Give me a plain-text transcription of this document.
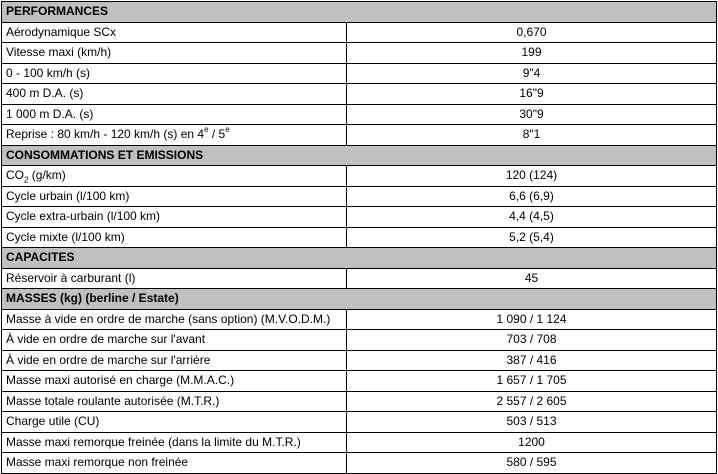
PERFORMANCES	
Aérodynamique SCx	0,670
Vitesse maxi (km/h)	199
0 - 100 km/h (s)	9"4
400 m D.A. (s)	16"9
1 000 m D.A. (s)	30"9
Reprise : 80 km/h - 120 km/h (s) en 4e / 5e	8"1
CONSOMMATIONS ET EMISSIONS	
$CO_2$ (g/km)	120 (124)
Cycle urbain (l/100 km)	6,6 (6,9)
Cycle extra-urbain (l/100 km)	4,4 (4,5)
Cycle mixte (l/100 km)	5,2 (5,4)
CAPACITES	
Réservoir à carburant (l)	45
MASSES (kg) (berline / Estate)	
Masse à vide en ordre de marche (sans option) (M.V.O.D.M.)	1 090 / 1 124
À vide en ordre de marche sur l'avant	703 / 708
À vide en ordre de marche sur l'arrière	387 / 416
Masse maxi autorisé en charge (M.M.A.C.)	1 657 / 1 705
Masse totale roulante autorisée (M.T.R.)	2 557 / 2 605
Charge utile (CU)	503 / 513
Masse maxi remorque freinée (dans la limite du M.T.R.)	1200
Masse maxi remorque non freinée	580 / 595
